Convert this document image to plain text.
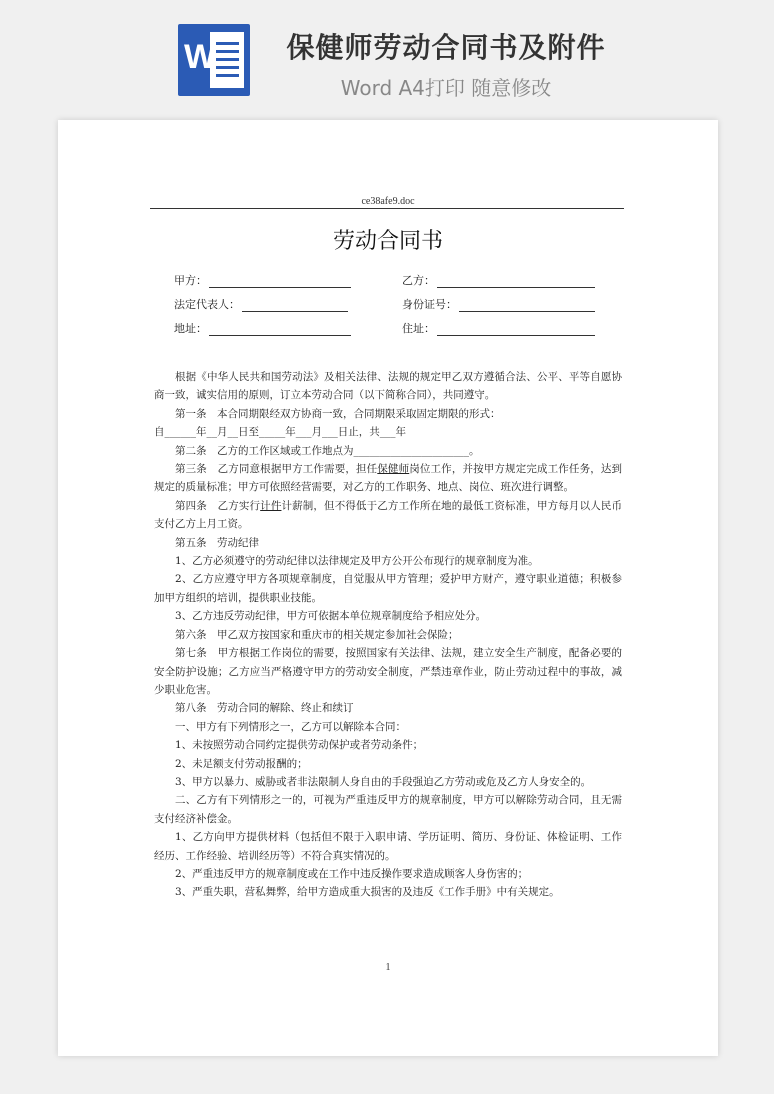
W	保健师劳动合同书及附件
Word A4打印 随意修改
ce38afe9.doc
劳动合同书
甲方：	乙方：
法定代表人：	身份证号：
地址：	住址：

根据《中华人民共和国劳动法》及相关法律、法规的规定甲乙双方遵循合法、公平、平等自愿协商一致，诚实信用的原则，订立本劳动合同（以下简称合同），共同遵守。

第一条　本合同期限经双方协商一致，合同期限采取固定期限的形式：

自______年__月__日至_____年___月___日止，共___年

第二条　乙方的工作区域或工作地点为______________________。

第三条　乙方同意根据甲方工作需要，担任保健师岗位工作，并按甲方规定完成工作任务，达到规定的质量标准；甲方可依照经营需要，对乙方的工作职务、地点、岗位、班次进行调整。

第四条　乙方实行计件计薪制，但不得低于乙方工作所在地的最低工资标准，甲方每月以人民币支付乙方上月工资。

第五条　劳动纪律

1、乙方必须遵守的劳动纪律以法律规定及甲方公开公布现行的规章制度为准。

2、乙方应遵守甲方各项规章制度，自觉服从甲方管理；爱护甲方财产，遵守职业道德；积极参加甲方组织的培训，提供职业技能。

3、乙方违反劳动纪律，甲方可依据本单位规章制度给予相应处分。

第六条　甲乙双方按国家和重庆市的相关规定参加社会保险；

第七条　甲方根据工作岗位的需要，按照国家有关法律、法规，建立安全生产制度，配备必要的安全防护设施；乙方应当严格遵守甲方的劳动安全制度，严禁违章作业，防止劳动过程中的事故，减少职业危害。

第八条　劳动合同的解除、终止和续订

一、甲方有下列情形之一，乙方可以解除本合同：

1、未按照劳动合同约定提供劳动保护或者劳动条件；

2、未足额支付劳动报酬的；

3、甲方以暴力、威胁或者非法限制人身自由的手段强迫乙方劳动或危及乙方人身安全的。

二、乙方有下列情形之一的，可视为严重违反甲方的规章制度，甲方可以解除劳动合同，且无需支付经济补偿金。

1、乙方向甲方提供材料（包括但不限于入职申请、学历证明、简历、身份证、体检证明、工作经历、工作经验、培训经历等）不符合真实情况的。

2、严重违反甲方的规章制度或在工作中违反操作要求造成顾客人身伤害的；

3、严重失职，营私舞弊，给甲方造成重大损害的及违反《工作手册》中有关规定。

1
